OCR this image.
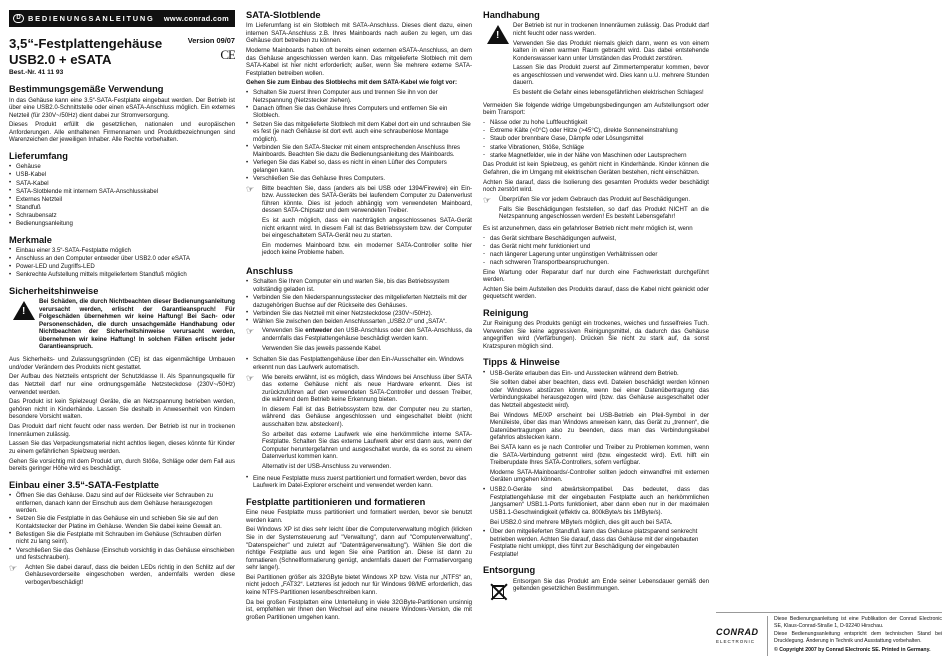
D BEDIENUNGSANLEITUNG www.conrad.com
3,5“-Festplattengehäuse
USB2.0 + eSATA
Best.-Nr. 41 11 93
Version 09/07
CE
Bestimmungsgemäße Verwendung

In das Gehäuse kann eine 3.5“-SATA-Festplatte eingebaut werden. Der Betrieb ist über eine USB2.0-Schnittstelle oder einen eSATA-Anschluss möglich. Ein externes Netzteil (für 230V~/50Hz) dient dabei zur Stromversorgung.

Dieses Produkt erfüllt die gesetzlichen, nationalen und europäischen Anforderungen. Alle enthaltenen Firmennamen und Produktbezeichnungen sind Warenzeichen der jeweiligen Inhaber. Alle Rechte vorbehalten.

Lieferumfang
• Gehäuse
• USB-Kabel
• SATA-Kabel
• SATA-Slotblende mit internem SATA-Anschlusskabel
• Externes Netzteil
• Standfuß
• Schraubensatz
• Bedienungsanleitung
Merkmale
• Einbau einer 3.5“-SATA-Festplatte möglich
• Anschluss an den Computer entweder über USB2.0 oder eSATA
• Power-LED und Zugriffs-LED
• Senkrechte Aufstellung mittels mitgeliefertem Standfuß möglich
Sicherheitshinweise
!

Bei Schäden, die durch Nichtbeachten dieser Bedienungsanleitung verursacht werden, erlischt der Garantieanspruch! Für Folgeschäden übernehmen wir keine Haftung! Bei Sach- oder Personenschäden, die durch unsachgemäße Handhabung oder Nichtbeachten der Sicherheitshinweise verursacht werden, übernehmen wir keine Haftung! In solchen Fällen erlischt jeder Garantieanspruch.

Aus Sicherheits- und Zulassungsgründen (CE) ist das eigenmächtige Umbauen und/oder Verändern des Produkts nicht gestattet.

Der Aufbau des Netzteils entspricht der Schutzklasse II. Als Spannungsquelle für das Netzteil darf nur eine ordnungsgemäße Netzsteckdose (230V~/50Hz) verwendet werden.

Das Produkt ist kein Spielzeug! Geräte, die an Netzspannung betrieben werden, gehören nicht in Kinderhände. Lassen Sie deshalb in Anwesenheit von Kindern besondere Vorsicht walten.

Das Produkt darf nicht feucht oder nass werden. Der Betrieb ist nur in trockenen Innenräumen zulässig.

Lassen Sie das Verpackungsmaterial nicht achtlos liegen, dieses könnte für Kinder zu einem gefährlichen Spielzeug werden.

Gehen Sie vorsichtig mit dem Produkt um, durch Stöße, Schläge oder dem Fall aus bereits geringer Höhe wird es beschädigt.

Einbau einer 3.5“-SATA-Festplatte
• Öffnen Sie das Gehäuse. Dazu sind auf der Rückseite vier Schrauben zu entfernen, danach kann der Einschub aus dem Gehäuse herausgezogen werden.
• Setzen Sie die Festplatte in das Gehäuse ein und schieben Sie sie auf den Kontaktstecker der Platine im Gehäuse. Wenden Sie dabei keine Gewalt an.
• Befestigen Sie die Festplatte mit Schrauben im Gehäuse (Schrauben dürfen nicht zu lang sein!).
• Verschließen Sie das Gehäuse (Einschub vorsichtig in das Gehäuse einschieben und festschrauben).
☞	Achten Sie dabei darauf, dass die beiden LEDs richtig in den Schlitz auf der Gehäusevorderseite eingeschoben werden, andernfalls werden diese verbogen/beschädigt!

SATA-Slotblende

Im Lieferumfang ist ein Slotblech mit SATA-Anschluss. Dieses dient dazu, einen internen SATA-Anschluss z.B. Ihres Mainboards nach außen zu legen, um das Gehäuse dort betreiben zu können.

Moderne Mainboards haben oft bereits einen externen eSATA-Anschluss, an dem das Gehäuse angeschlossen werden kann. Das mitgelieferte Slotblech mit dem SATA-Kabel ist hier nicht erforderlich; außer, wenn Sie mehrere externe SATA-Festplatten betreiben wollen.

Gehen Sie zum Einbau des Slotblechs mit dem SATA-Kabel wie folgt vor:

• Schalten Sie zuerst Ihren Computer aus und trennen Sie ihn von der Netzspannung (Netzstecker ziehen).
• Danach öffnen Sie das Gehäuse Ihres Computers und entfernen Sie ein Slotblech.
• Setzen Sie das mitgelieferte Slotblech mit dem Kabel dort ein und schrauben Sie es fest (je nach Gehäuse ist dort evtl. auch eine schraubenlose Montage möglich).
• Verbinden Sie den SATA-Stecker mit einem entsprechenden Anschluss Ihres Mainboards. Beachten Sie dazu die Bedienungsanleitung des Mainboards.
• Verlegen Sie das Kabel so, dass es nicht in einen Lüfter des Computers gelangen kann.
• Verschließen Sie das Gehäuse Ihres Computers.
☞	Bitte beachten Sie, dass (anders als bei USB oder 1394/Firewire) ein Ein- bzw. Ausstecken des SATA-Geräts bei laufendem Computer zu Datenverlust führen könnte. Dies ist jedoch abhängig vom verwendeten Mainboard, dessen SATA-Chipsatz und dem verwendeten Treiber.

Es ist auch möglich, dass ein nachträglich angeschlossenes SATA-Gerät nicht erkannt wird. In diesem Fall ist das Betriebssystem bzw. der Computer bei eingeschaltetem SATA-Gerät neu zu starten.

Ein modernes Mainboard bzw. ein moderner SATA-Controller sollte hier jedoch keine Probleme haben.

Anschluss
• Schalten Sie Ihren Computer ein und warten Sie, bis das Betriebssystem vollständig geladen ist.
• Verbinden Sie den Niederspannungsstecker des mitgelieferten Netzteils mit der dazugehörigen Buchse auf der Rückseite des Gehäuses.
• Verbinden Sie das Netzteil mit einer Netzsteckdose (230V~/50Hz).
• Wählen Sie zwischen den beiden Anschlussarten „USB2.0“ und „SATA“.
☞	Verwenden Sie entweder den USB-Anschluss oder den SATA-Anschluss, da andernfalls das Festplattengehäuse beschädigt werden kann.

Verwenden Sie das jeweils passende Kabel.

• Schalten Sie das Festplattengehäuse über den Ein-/Ausschalter ein. Windows erkennt nun das Laufwerk automatisch.
☞	Wie bereits erwähnt, ist es möglich, dass Windows bei Anschluss über SATA das externe Gehäuse nicht als neue Hardware erkennt. Dies ist zurückzuführen auf den verwendeten SATA-Controller und dessen Treiber, die während dem Betrieb keine Erkennung bieten.

In diesem Fall ist das Betriebssystem bzw. der Computer neu zu starten, während das Gehäuse angeschlossen und eingeschaltet bleibt (nicht ausschalten bzw. abstecken!).

So arbeitet das externe Laufwerk wie eine herkömmliche interne SATA-Festplatte. Schalten Sie das externe Laufwerk aber erst dann aus, wenn der Computer heruntergefahren und ausgeschaltet wurde, da es sonst zu einem Datenverlust kommen kann.

Alternativ ist der USB-Anschluss zu verwenden.

• Eine neue Festplatte muss zuerst partitioniert und formatiert werden, bevor das Laufwerk im Datei-Explorer erscheint und verwendet werden kann.
Festplatte partitionieren und formatieren

Eine neue Festplatte muss partitioniert und formatiert werden, bevor sie benutzt werden kann.

Bei Windows XP ist dies sehr leicht über die Computerverwaltung möglich (klicken Sie in der Systemsteuerung auf "Verwaltung", dann auf "Computerverwaltung", "Datenspeicher" und zuletzt auf "Datenträgerverwaltung"). Wählen Sie dort die richtige Festplatte aus und legen Sie eine Partition an. Diese ist dann zu formatieren (Schnellformatierung genügt, andernfalls dauert der Formatiervorgang sehr lange!).

Bei Partitionen größer als 32GByte bietet Windows XP bzw. Vista nur „NTFS“ an, nicht jedoch „FAT32“. Letzteres ist jedoch nur für Windows 98/ME erforderlich, das keine NTFS-Partitionen lesen/beschreiben kann.

Da bei großen Festplatten eine Unterteilung in viele 32GByte-Partitionen unsinnig ist, empfehlen wir Ihnen den Wechsel auf eine neuere Windows-Version, die mit großen Partitionen umgehen kann.

Handhabung
!

Der Betrieb ist nur in trockenen Innenräumen zulässig. Das Produkt darf nicht feucht oder nass werden.

Verwenden Sie das Produkt niemals gleich dann, wenn es von einem kalten in einen warmen Raum gebracht wird. Das dabei entstehende Kondenswasser kann unter Umständen das Produkt zerstören.

Lassen Sie das Produkt zuerst auf Zimmertemperatur kommen, bevor es angeschlossen und verwendet wird. Dies kann u.U. mehrere Stunden dauern.

Es besteht die Gefahr eines lebensgefährlichen elektrischen Schlages!

Vermeiden Sie folgende widrige Umgebungsbedingungen am Aufstellungsort oder beim Transport:

- Nässe oder zu hohe Luftfeuchtigkeit
- Extreme Kälte (<0°C) oder Hitze (>45°C), direkte Sonneneinstrahlung
- Staub oder brennbare Gase, Dämpfe oder Lösungsmittel
- starke Vibrationen, Stöße, Schläge
- starke Magnetfelder, wie in der Nähe von Maschinen oder Lautsprechern

Das Produkt ist kein Spielzeug, es gehört nicht in Kinderhände. Kinder können die Gefahren, die im Umgang mit elektrischen Geräten bestehen, nicht einschätzen.

Achten Sie darauf, dass die Isolierung des gesamten Produkts weder beschädigt noch zerstört wird.

☞	Überprüfen Sie vor jedem Gebrauch das Produkt auf Beschädigungen.

Falls Sie Beschädigungen feststellen, so darf das Produkt NICHT an die Netzspannung angeschlossen werden! Es besteht Lebensgefahr!

Es ist anzunehmen, dass ein gefahrloser Betrieb nicht mehr möglich ist, wenn

- das Gerät sichtbare Beschädigungen aufweist,
- das Gerät nicht mehr funktioniert und
- nach längerer Lagerung unter ungünstigen Verhältnissen oder
- nach schweren Transportbeanspruchungen.

Eine Wartung oder Reparatur darf nur durch eine Fachwerkstatt durchgeführt werden.

Achten Sie beim Aufstellen des Produkts darauf, dass die Kabel nicht geknickt oder gequetscht werden.

Reinigung

Zur Reinigung des Produkts genügt ein trockenes, weiches und fusselfreies Tuch. Verwenden Sie keine aggressiven Reinigungsmittel, da dadurch das Gehäuse angegriffen wird (Verfärbungen). Drücken Sie nicht zu stark auf, da sonst Kratzspuren möglich sind.

Tipps & Hinweise

• USB-Geräte erlauben das Ein- und Ausstecken während dem Betrieb.

Sie sollten dabei aber beachten, dass evtl. Dateien beschädigt werden können oder Windows abstürzen könnte, wenn bei einer Datenübertragung das Verbindungskabel herausgezogen wird (bzw. das Gehäuse ausgeschaltet oder das Netzteil abgesteckt wird).

Bei Windows ME/XP erscheint bei USB-Betrieb ein Pfeil-Symbol in der Menüleiste, über das man Windows anweisen kann, das Gerät zu „trennen“, die Datenübertragungen also zu beenden, dass man das Verbindungskabel gefahrlos abstecken kann.

Bei SATA kann es je nach Controller und Treiber zu Problemen kommen, wenn die SATA-Verbindung getrennt wird (bzw. eingesteckt wird). Evtl. hilft ein Treiberupdate Ihres SATA-Controllers, sofern verfügbar.

Moderne SATA-Mainboards/-Controller sollten jedoch einwandfrei mit externen Geräten umgehen können.

• USB2.0-Geräte sind abwärtskompatibel. Das bedeutet, dass das Festplattengehäuse mit der eingebauten Festplatte auch an herkömmlichen „langsamen“ USB1.1-Ports funktioniert, aber dann eben nur in der maximalen USB1.1-Geschwindigkeit (effektiv ca. 800kByte/s bis 1MByte/s).

Bei USB2.0 sind mehrere MByte/s möglich, dies gilt auch bei SATA.

• Über den mitgelieferten Standfuß kann das Gehäuse platzsparend senkrecht betrieben werden. Achten Sie darauf, dass das Gehäuse mit der eingebauten Festplatte nicht umkippt, dies führt zur Beschädigung der eingebauten Festplatte!
Entsorgung

Entsorgen Sie das Produkt am Ende seiner Lebensdauer gemäß den geltenden gesetzlichen Bestimmungen.

CONRAD
ELECTRONIC

Diese Bedienungsanleitung ist eine Publikation der Conrad Electronic SE, Klaus-Conrad-Straße 1, D-92240 Hirschau.

Diese Bedienungsanleitung entspricht dem technischen Stand bei Drucklegung. Änderung in Technik und Ausstattung vorbehalten.

© Copyright 2007 by Conrad Electronic SE. Printed in Germany.
